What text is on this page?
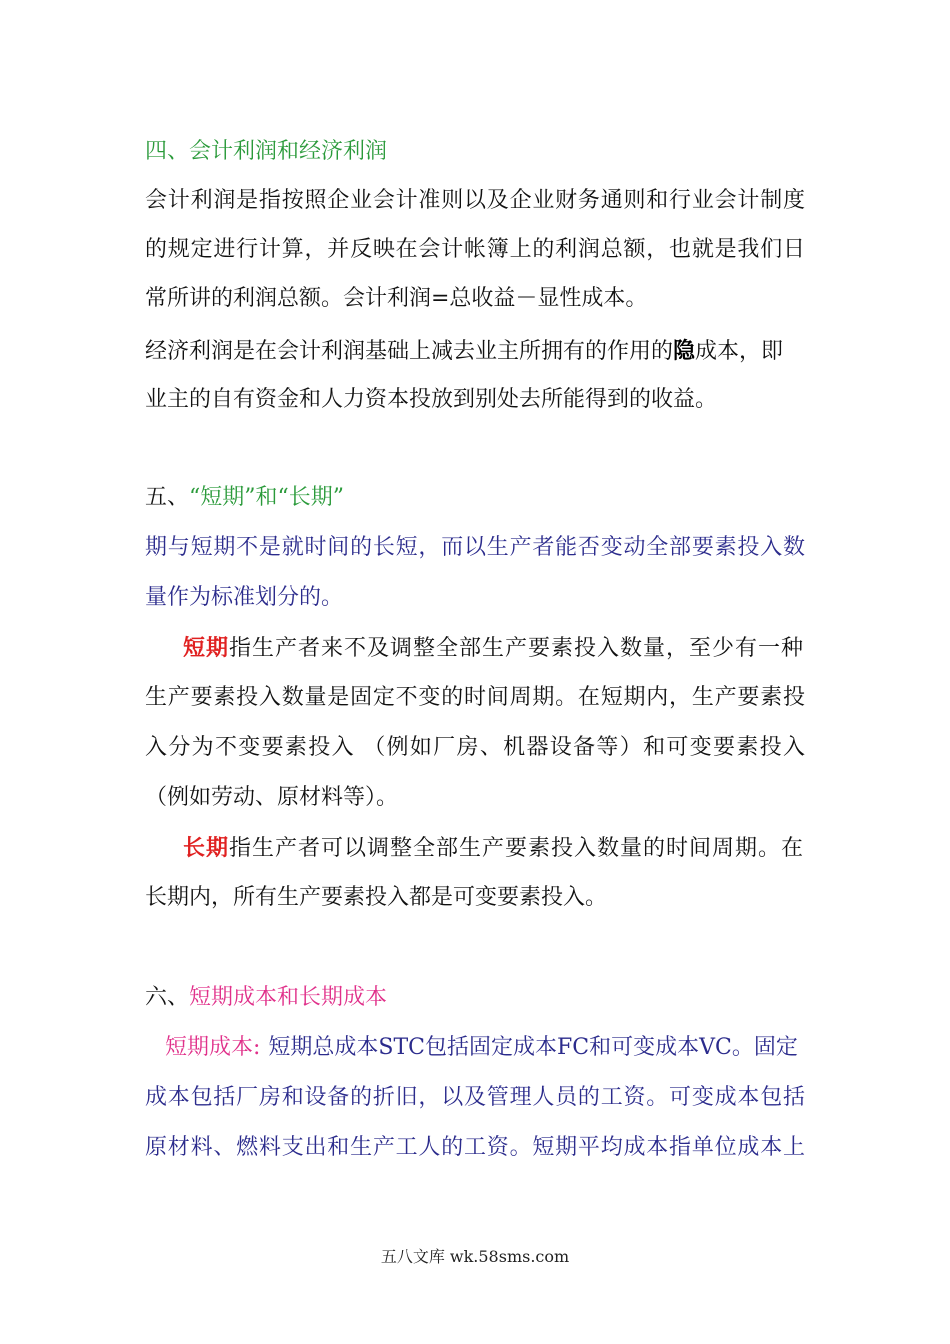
四、会计利润和经济利润

会计利润是指按照企业会计准则以及企业财务通则和行业会计制度

的规定进行计算，并反映在会计帐簿上的利润总额，也就是我们日

常所讲的利润总额。会计利润=总收益－显性成本。

经济利润是在会计利润基础上减去业主所拥有的作用的隐成本，即

业主的自有资金和人力资本投放到别处去所能得到的收益。

五、“短期”和“长期”

期与短期不是就时间的长短，而以生产者能否变动全部要素投入数

量作为标准划分的。

短期指生产者来不及调整全部生产要素投入数量，至少有一种

生产要素投入数量是固定不变的时间周期。在短期内，生产要素投

入分为不变要素投入 （例如厂房、机器设备等）和可变要素投入

（例如劳动、原材料等）。

长期指生产者可以调整全部生产要素投入数量的时间周期。在

长期内，所有生产要素投入都是可变要素投入。

六、短期成本和长期成本

短期成本: 短期总成本STC包括固定成本FC和可变成本VC。固定

成本包括厂房和设备的折旧，以及管理人员的工资。可变成本包括

原材料、燃料支出和生产工人的工资。短期平均成本指单位成本上

五八文库 wk.58sms.com
